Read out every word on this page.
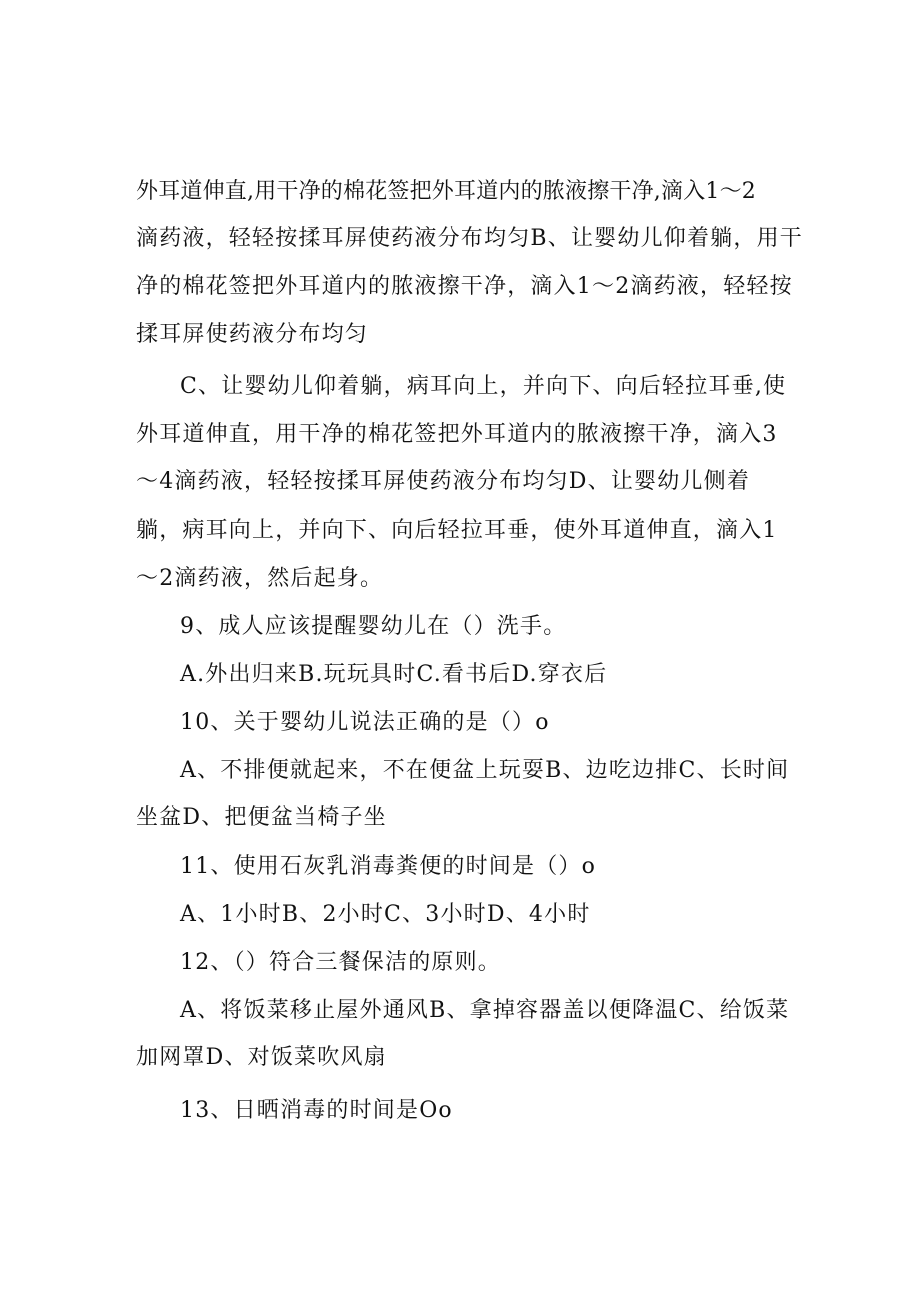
外耳道伸直,用干净的棉花签把外耳道内的脓液擦干净,滴入1～2
滴药液，轻轻按揉耳屏使药液分布均匀B、让婴幼儿仰着躺，用干
净的棉花签把外耳道内的脓液擦干净，滴入1～2滴药液，轻轻按
揉耳屏使药液分布均匀
C、让婴幼儿仰着躺，病耳向上，并向下、向后轻拉耳垂,使
外耳道伸直，用干净的棉花签把外耳道内的脓液擦干净，滴入3
～4滴药液，轻轻按揉耳屏使药液分布均匀D、让婴幼儿侧着
躺，病耳向上，并向下、向后轻拉耳垂，使外耳道伸直，滴入1
～2滴药液，然后起身。
9、成人应该提醒婴幼儿在（）洗手。
A.外出归来B.玩玩具时C.看书后D.穿衣后
10、关于婴幼儿说法正确的是（）o
A、不排便就起来，不在便盆上玩耍B、边吃边排C、长时间
坐盆D、把便盆当椅子坐
11、使用石灰乳消毒粪便的时间是（）o
A、1小时B、2小时C、3小时D、4小时
12、（）符合三餐保洁的原则。
A、将饭菜移止屋外通风B、拿掉容器盖以便降温C、给饭菜
加网罩D、对饭菜吹风扇
13、日晒消毒的时间是Oo
